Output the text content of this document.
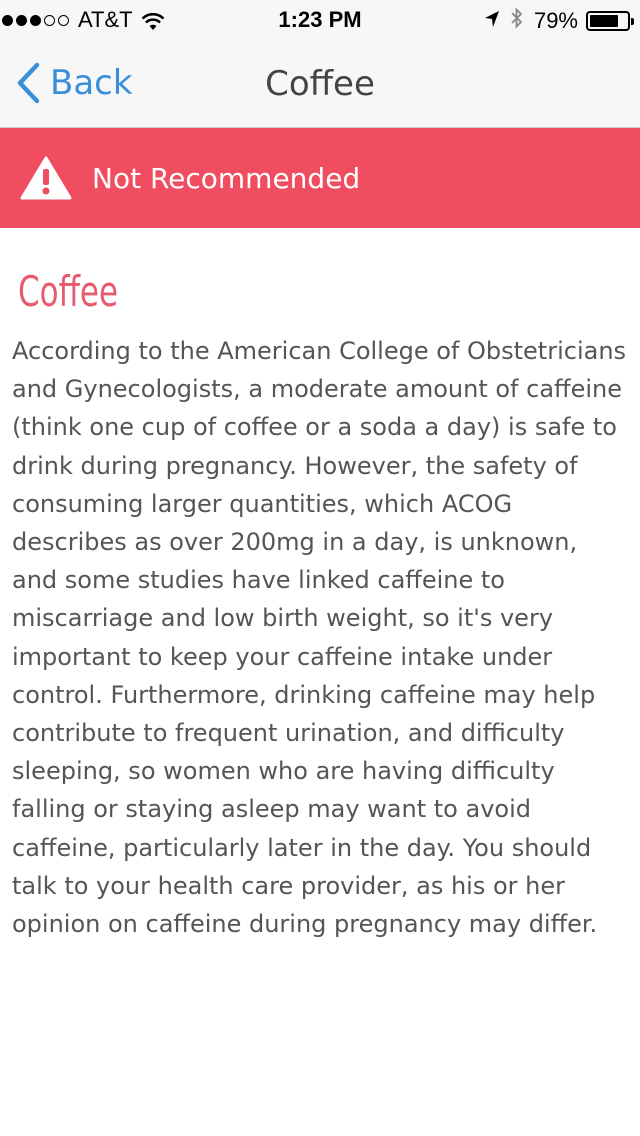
AT&T	1:23 PM	79%
Back	Coffee
Not Recommended
Coffee
According to the American College of Obstetricians and Gynecologists, a moderate amount of caffeine (think one cup of coffee or a soda a day) is safe to drink during pregnancy. However, the safety of consuming larger quantities, which ACOG describes as over 200mg in a day, is unknown, and some studies have linked caffeine to miscarriage and low birth weight, so it's very important to keep your caffeine intake under control. Furthermore, drinking caffeine may help contribute to frequent urination, and difficulty sleeping, so women who are having difficulty falling or staying asleep may want to avoid caffeine, particularly later in the day. You should talk to your health care provider, as his or her opinion on caffeine during pregnancy may differ.
